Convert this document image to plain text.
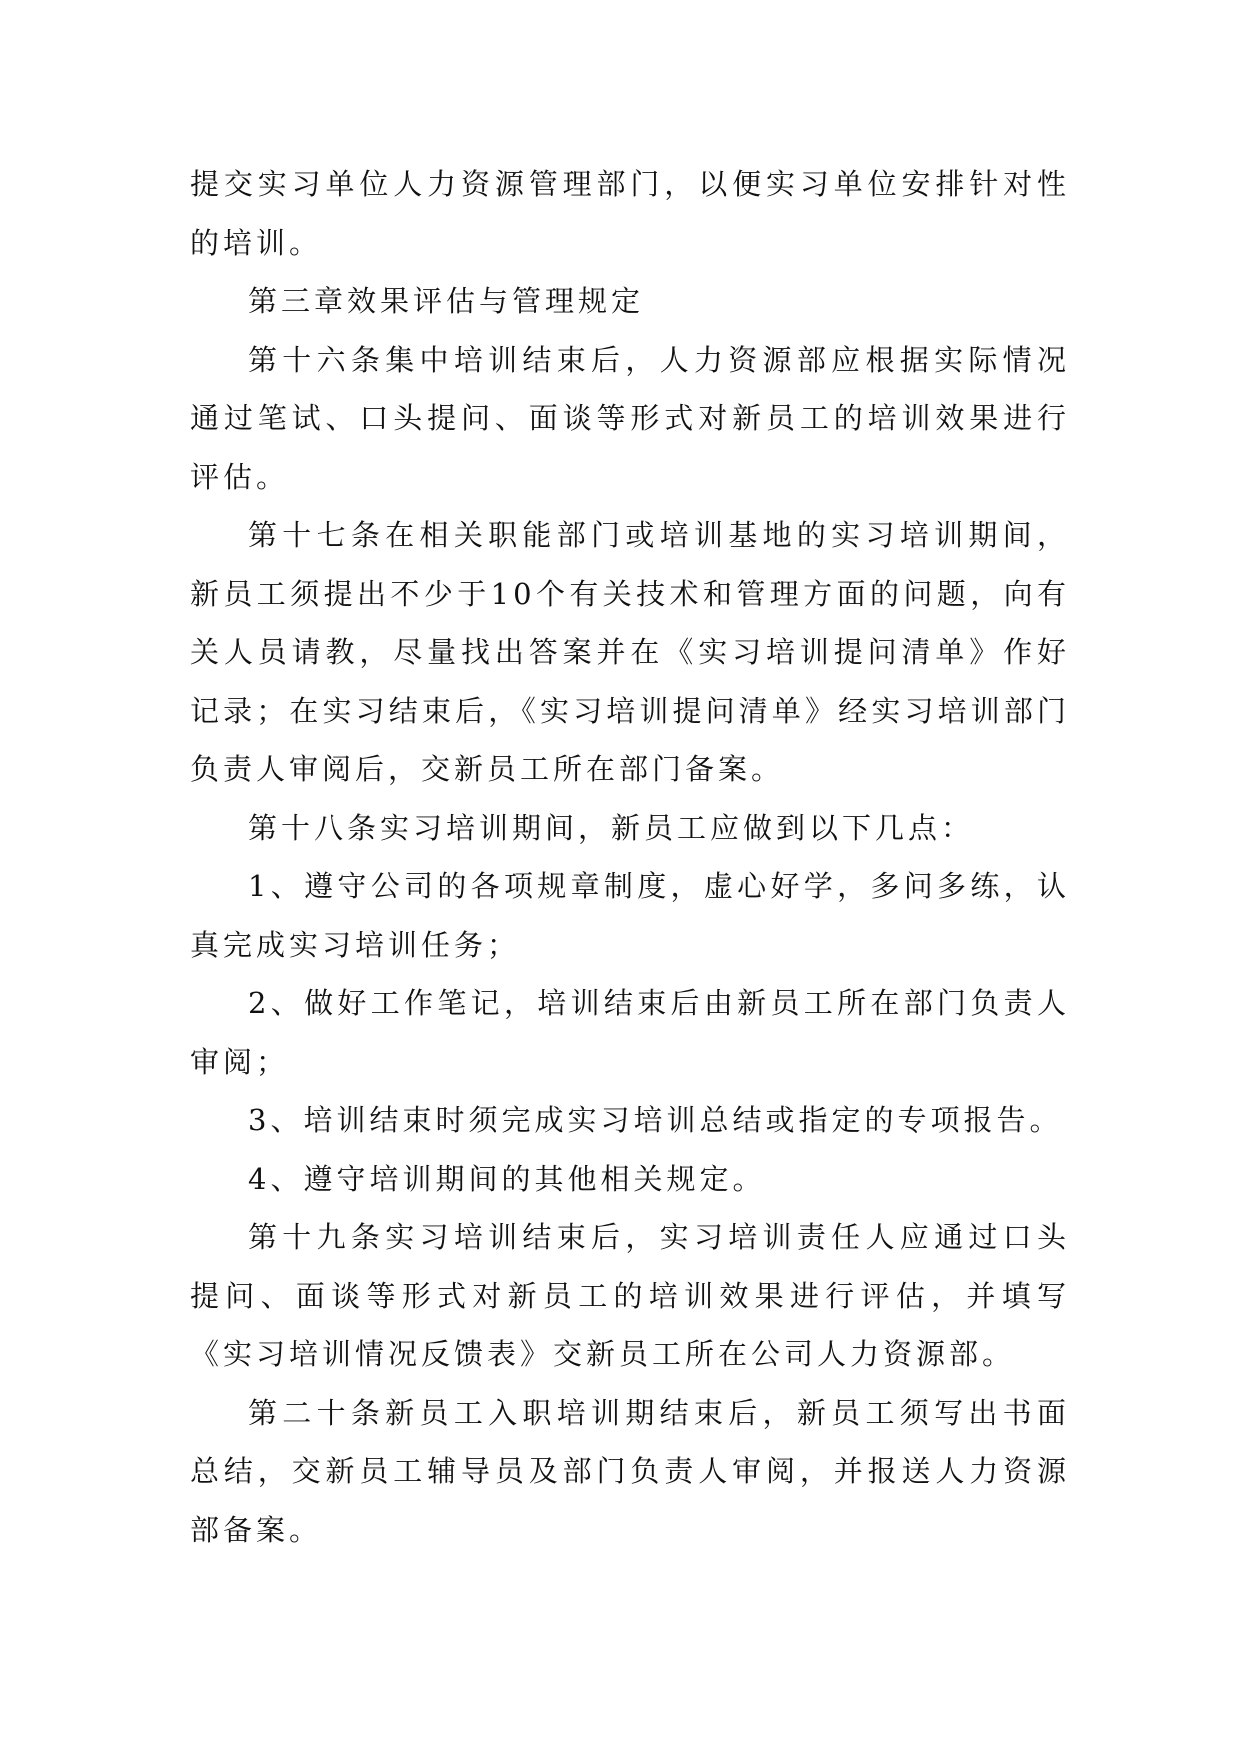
提交实习单位人力资源管理部门，以便实习单位安排针对性的培训。

第三章效果评估与管理规定

第十六条集中培训结束后，人力资源部应根据实际情况通过笔试、口头提问、面谈等形式对新员工的培训效果进行评估。

第十七条在相关职能部门或培训基地的实习培训期间，新员工须提出不少于10个有关技术和管理方面的问题，向有关人员请教，尽量找出答案并在《实习培训提问清单》作好记录；在实习结束后，《实习培训提问清单》经实习培训部门负责人审阅后，交新员工所在部门备案。

第十八条实习培训期间，新员工应做到以下几点：

1、遵守公司的各项规章制度，虚心好学，多问多练，认真完成实习培训任务；

2、做好工作笔记，培训结束后由新员工所在部门负责人审阅；

3、培训结束时须完成实习培训总结或指定的专项报告。

4、遵守培训期间的其他相关规定。

第十九条实习培训结束后，实习培训责任人应通过口头提问、面谈等形式对新员工的培训效果进行评估，并填写《实习培训情况反馈表》交新员工所在公司人力资源部。

第二十条新员工入职培训期结束后，新员工须写出书面总结，交新员工辅导员及部门负责人审阅，并报送人力资源部备案。
